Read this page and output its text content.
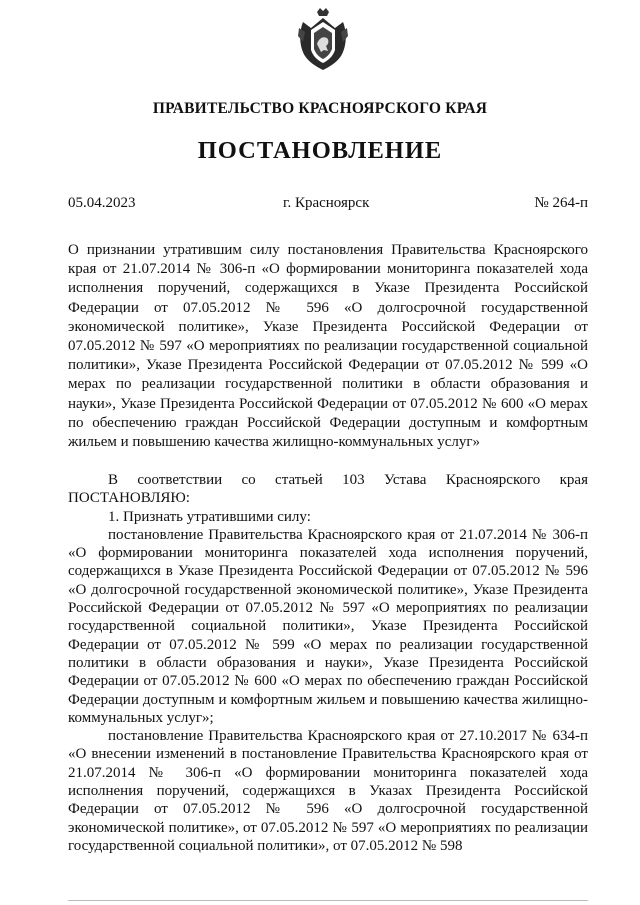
ПРАВИТЕЛЬСТВО КРАСНОЯРСКОГО КРАЯ
ПОСТАНОВЛЕНИЕ
05.04.2023	г. Красноярск	№ 264-п
О признании утратившим силу постановления Правительства Красноярского края от 21.07.2014 № 306-п «О формировании мониторинга показателей хода исполнения поручений, содержащихся в Указе Президента Российской Федерации от 07.05.2012 № 596 «О долгосрочной государственной экономической политике», Указе Президента Российской Федерации от 07.05.2012 № 597 «О мероприятиях по реализации государственной социальной политики», Указе Президента Российской Федерации от 07.05.2012 № 599 «О мерах по реализации государственной политики в области образования и науки», Указе Президента Российской Федерации от 07.05.2012 № 600 «О мерах по обеспечению граждан Российской Федерации доступным и комфортным жильем и повышению качества жилищно-коммунальных услуг»

В соответствии со статьей 103 Устава Красноярского края ПОСТАНОВЛЯЮ:

1. Признать утратившими силу:

постановление Правительства Красноярского края от 21.07.2014 № 306-п «О формировании мониторинга показателей хода исполнения поручений, содержащихся в Указе Президента Российской Федерации от 07.05.2012 № 596 «О долгосрочной государственной экономической политике», Указе Президента Российской Федерации от 07.05.2012 № 597 «О мероприятиях по реализации государственной социальной политики», Указе Президента Российской Федерации от 07.05.2012 № 599 «О мерах по реализации государственной политики в области образования и науки», Указе Президента Российской Федерации от 07.05.2012 № 600 «О мерах по обеспечению граждан Российской Федерации доступным и комфортным жильем и повышению качества жилищно-коммунальных услуг»;

постановление Правительства Красноярского края от 27.10.2017 № 634-п «О внесении изменений в постановление Правительства Красноярского края от 21.07.2014 № 306-п «О формировании мониторинга показателей хода исполнения поручений, содержащихся в Указах Президента Российской Федерации от 07.05.2012 № 596 «О долгосрочной государственной экономической политике», от 07.05.2012 № 597 «О мероприятиях по реализации государственной социальной политики», от 07.05.2012 № 598
